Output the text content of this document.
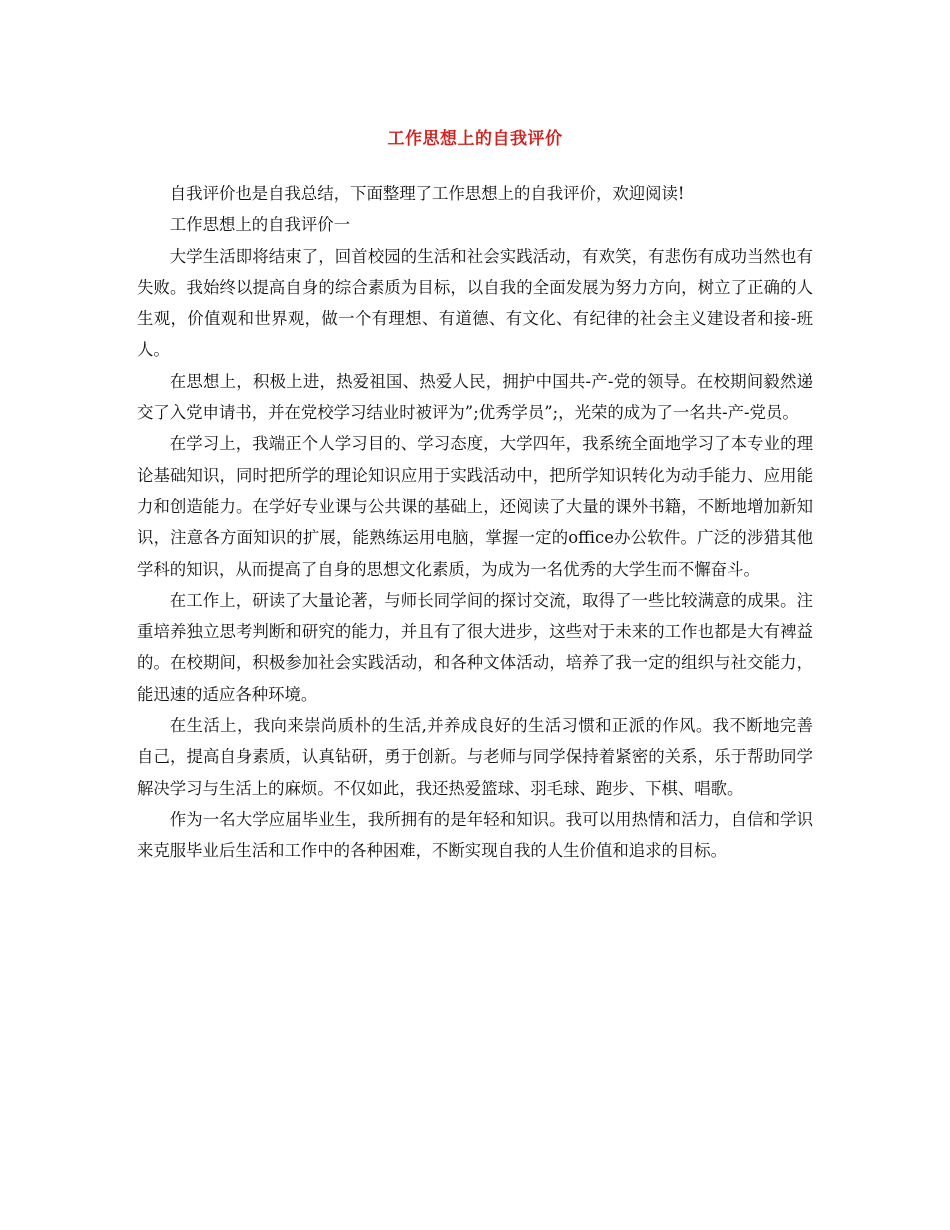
工作思想上的自我评价

自我评价也是自我总结，下面整理了工作思想上的自我评价，欢迎阅读!

工作思想上的自我评价一

大学生活即将结束了，回首校园的生活和社会实践活动，有欢笑，有悲伤有成功当然也有失败。我始终以提高自身的综合素质为目标，以自我的全面发展为努力方向，树立了正确的人生观，价值观和世界观，做一个有理想、有道德、有文化、有纪律的社会主义建设者和接-班人。

在思想上，积极上进，热爱祖国、热爱人民，拥护中国共-产-党的领导。在校期间毅然递交了入党申请书，并在党校学习结业时被评为”;优秀学员”;，光荣的成为了一名共-产-党员。

在学习上，我端正个人学习目的、学习态度，大学四年，我系统全面地学习了本专业的理论基础知识，同时把所学的理论知识应用于实践活动中，把所学知识转化为动手能力、应用能力和创造能力。在学好专业课与公共课的基础上，还阅读了大量的课外书籍，不断地增加新知识，注意各方面知识的扩展，能熟练运用电脑，掌握一定的office办公软件。广泛的涉猎其他学科的知识，从而提高了自身的思想文化素质，为成为一名优秀的大学生而不懈奋斗。

在工作上，研读了大量论著，与师长同学间的探讨交流，取得了一些比较满意的成果。注重培养独立思考判断和研究的能力，并且有了很大进步，这些对于未来的工作也都是大有裨益的。在校期间，积极参加社会实践活动，和各种文体活动，培养了我一定的组织与社交能力，能迅速的适应各种环境。

在生活上，我向来崇尚质朴的生活,并养成良好的生活习惯和正派的作风。我不断地完善自己，提高自身素质，认真钻研，勇于创新。与老师与同学保持着紧密的关系，乐于帮助同学解决学习与生活上的麻烦。不仅如此，我还热爱篮球、羽毛球、跑步、下棋、唱歌。

作为一名大学应届毕业生，我所拥有的是年轻和知识。我可以用热情和活力，自信和学识来克服毕业后生活和工作中的各种困难，不断实现自我的人生价值和追求的目标。
